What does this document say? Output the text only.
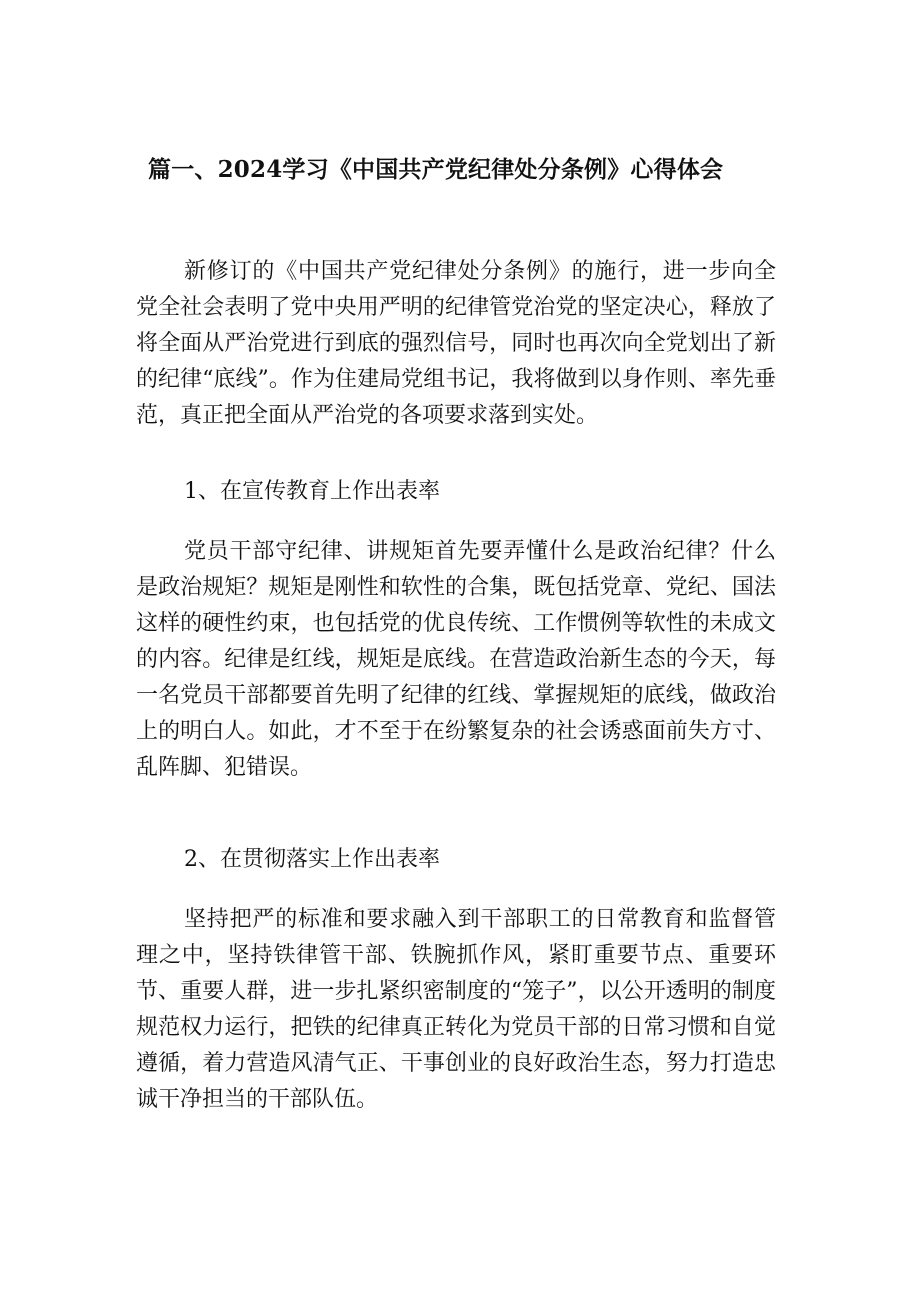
篇一、2024学习《中国共产党纪律处分条例》心得体会

新修订的《中国共产党纪律处分条例》的施行，进一步向全党全社会表明了党中央用严明的纪律管党治党的坚定决心，释放了将全面从严治党进行到底的强烈信号，同时也再次向全党划出了新的纪律“底线”。作为住建局党组书记，我将做到以身作则、率先垂范，真正把全面从严治党的各项要求落到实处。

1、在宣传教育上作出表率

党员干部守纪律、讲规矩首先要弄懂什么是政治纪律？什么是政治规矩？规矩是刚性和软性的合集，既包括党章、党纪、国法这样的硬性约束，也包括党的优良传统、工作惯例等软性的未成文的内容。纪律是红线，规矩是底线。在营造政治新生态的今天，每一名党员干部都要首先明了纪律的红线、掌握规矩的底线，做政治上的明白人。如此，才不至于在纷繁复杂的社会诱惑面前失方寸、乱阵脚、犯错误。

2、在贯彻落实上作出表率

坚持把严的标准和要求融入到干部职工的日常教育和监督管理之中，坚持铁律管干部、铁腕抓作风，紧盯重要节点、重要环节、重要人群，进一步扎紧织密制度的“笼子”，以公开透明的制度规范权力运行，把铁的纪律真正转化为党员干部的日常习惯和自觉遵循，着力营造风清气正、干事创业的良好政治生态，努力打造忠诚干净担当的干部队伍。
